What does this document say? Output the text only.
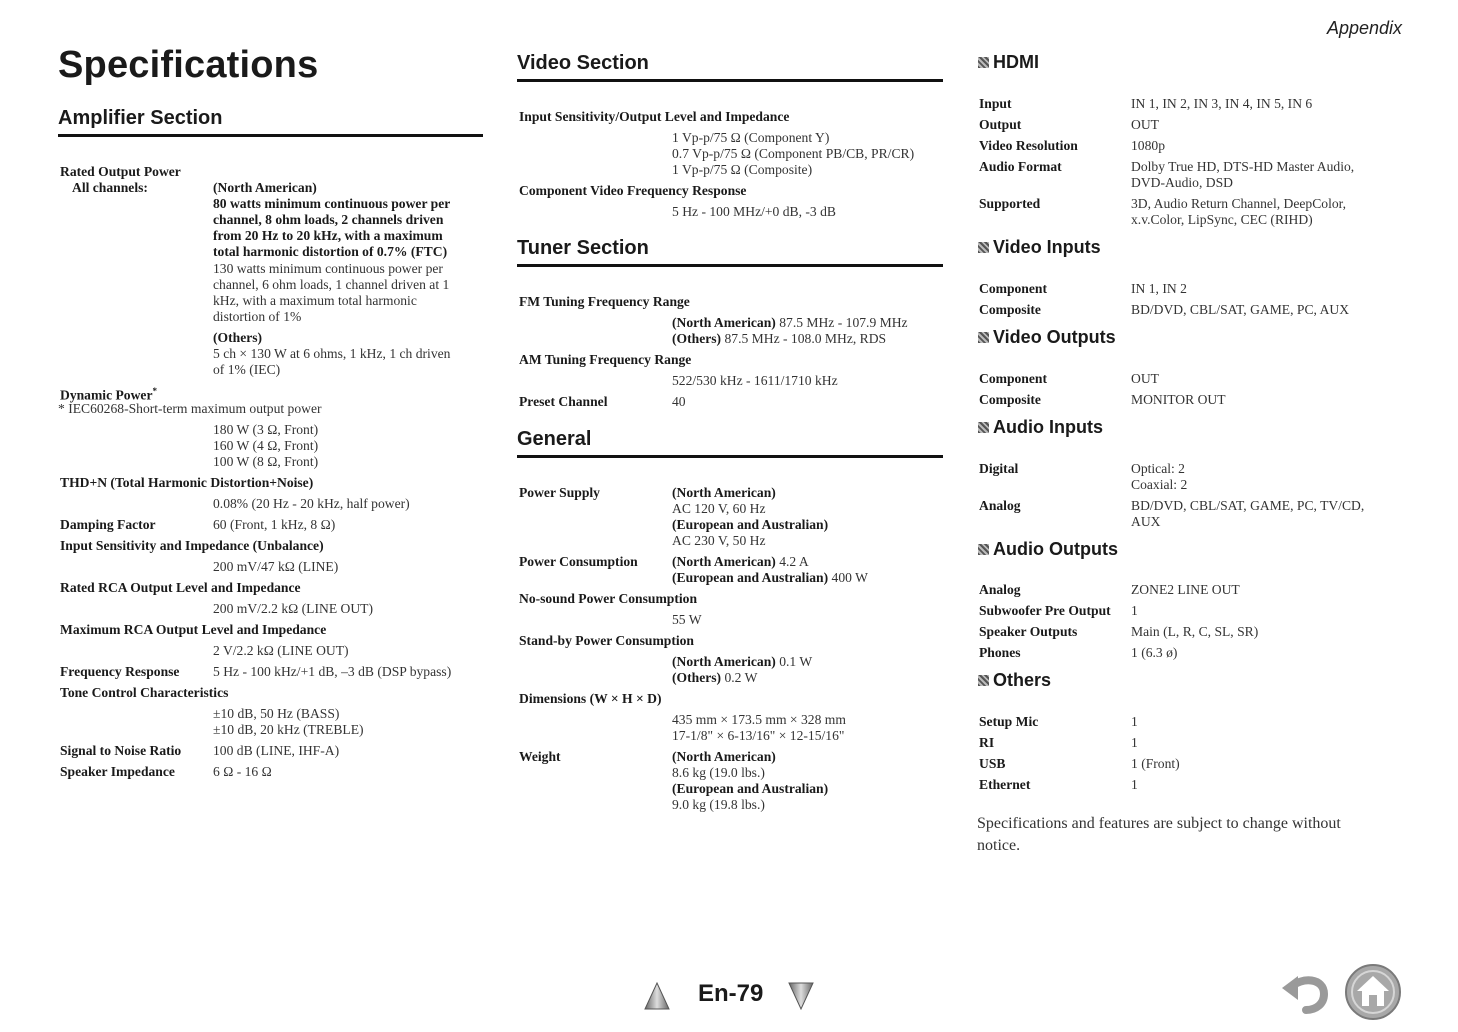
Appendix
Specifications
Amplifier Section
Rated Output Power
All channels:	(North American)
80 watts minimum continuous power per
channel, 8 ohm loads, 2 channels driven
from 20 Hz to 20 kHz, with a maximum
total harmonic distortion of 0.7% (FTC)
130 watts minimum continuous power per
channel, 6 ohm loads, 1 channel driven at 1
kHz, with a maximum total harmonic
distortion of 1%
(Others)
5 ch × 130 W at 6 ohms, 1 kHz, 1 ch driven
of 1% (IEC)
Dynamic Power*
* IEC60268-Short-term maximum output power
180 W (3 Ω, Front)
160 W (4 Ω, Front)
100 W (8 Ω, Front)
THD+N (Total Harmonic Distortion+Noise)
0.08% (20 Hz - 20 kHz, half power)
Damping Factor	60 (Front, 1 kHz, 8 Ω)
Input Sensitivity and Impedance (Unbalance)
200 mV/47 kΩ (LINE)
Rated RCA Output Level and Impedance
200 mV/2.2 kΩ (LINE OUT)
Maximum RCA Output Level and Impedance
2 V/2.2 kΩ (LINE OUT)
Frequency Response 5 Hz - 100 kHz/+1 dB, –3 dB (DSP bypass)
Tone Control Characteristics
±10 dB, 50 Hz (BASS)
±10 dB, 20 kHz (TREBLE)
Signal to Noise Ratio 100 dB (LINE, IHF-A)
Speaker Impedance	6 Ω - 16 Ω
Video Section
Input Sensitivity/Output Level and Impedance
1 Vp-p/75 Ω (Component Y)
0.7 Vp-p/75 Ω (Component PB/CB, PR/CR)
1 Vp-p/75 Ω (Composite)
Component Video Frequency Response
5 Hz - 100 MHz/+0 dB, -3 dB
Tuner Section
FM Tuning Frequency Range
(North American) 87.5 MHz - 107.9 MHz
(Others) 87.5 MHz - 108.0 MHz, RDS
AM Tuning Frequency Range
522/530 kHz - 1611/1710 kHz
Preset Channel	40
General
Power Supply	(North American)
AC 120 V, 60 Hz
(European and Australian)
AC 230 V, 50 Hz
Power Consumption	(North American) 4.2 A
(European and Australian) 400 W
No-sound Power Consumption
55 W
Stand-by Power Consumption
(North American) 0.1 W
(Others) 0.2 W
Dimensions (W × H × D)
435 mm × 173.5 mm × 328 mm
17-1/8" × 6-13/16" × 12-15/16"
Weight	(North American)
8.6 kg (19.0 lbs.)
(European and Australian)
9.0 kg (19.8 lbs.)
HDMI
Input	IN 1, IN 2, IN 3, IN 4, IN 5, IN 6
Output	OUT
Video Resolution	1080p
Audio Format	Dolby True HD, DTS-HD Master Audio,
DVD-Audio, DSD
Supported	3D, Audio Return Channel, DeepColor,
x.v.Color, LipSync, CEC (RIHD)
Video Inputs
Component	IN 1, IN 2
Composite	BD/DVD, CBL/SAT, GAME, PC, AUX
Video Outputs
Component	OUT
Composite	MONITOR OUT
Audio Inputs
Digital	Optical: 2
Coaxial: 2
Analog	BD/DVD, CBL/SAT, GAME, PC, TV/CD,
AUX
Audio Outputs
Analog	ZONE2 LINE OUT
Subwoofer Pre Output 1
Speaker Outputs	Main (L, R, C, SL, SR)
Phones	1 (6.3 ø)
Others
Setup Mic	1
RI	1
USB	1 (Front)
Ethernet	1
Specifications and features are subject to change without notice.
En-79
